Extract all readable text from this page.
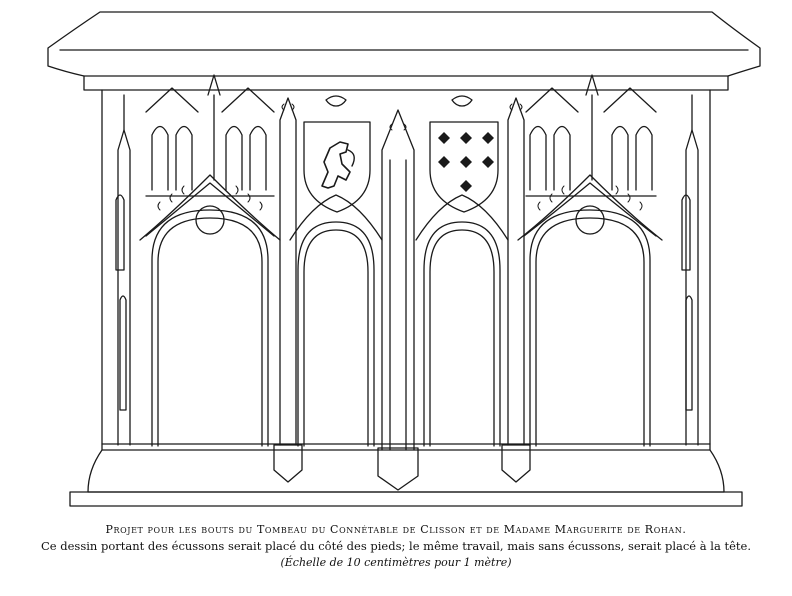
Projet pour les bouts du Tombeau du Connétable de Clisson et de Madame Marguerite de Rohan.
Ce dessin portant des écussons serait placé du côté des pieds; le même travail, mais sans écussons, serait placé à la tête.
(Échelle de 10 centimètres pour 1 mètre)
